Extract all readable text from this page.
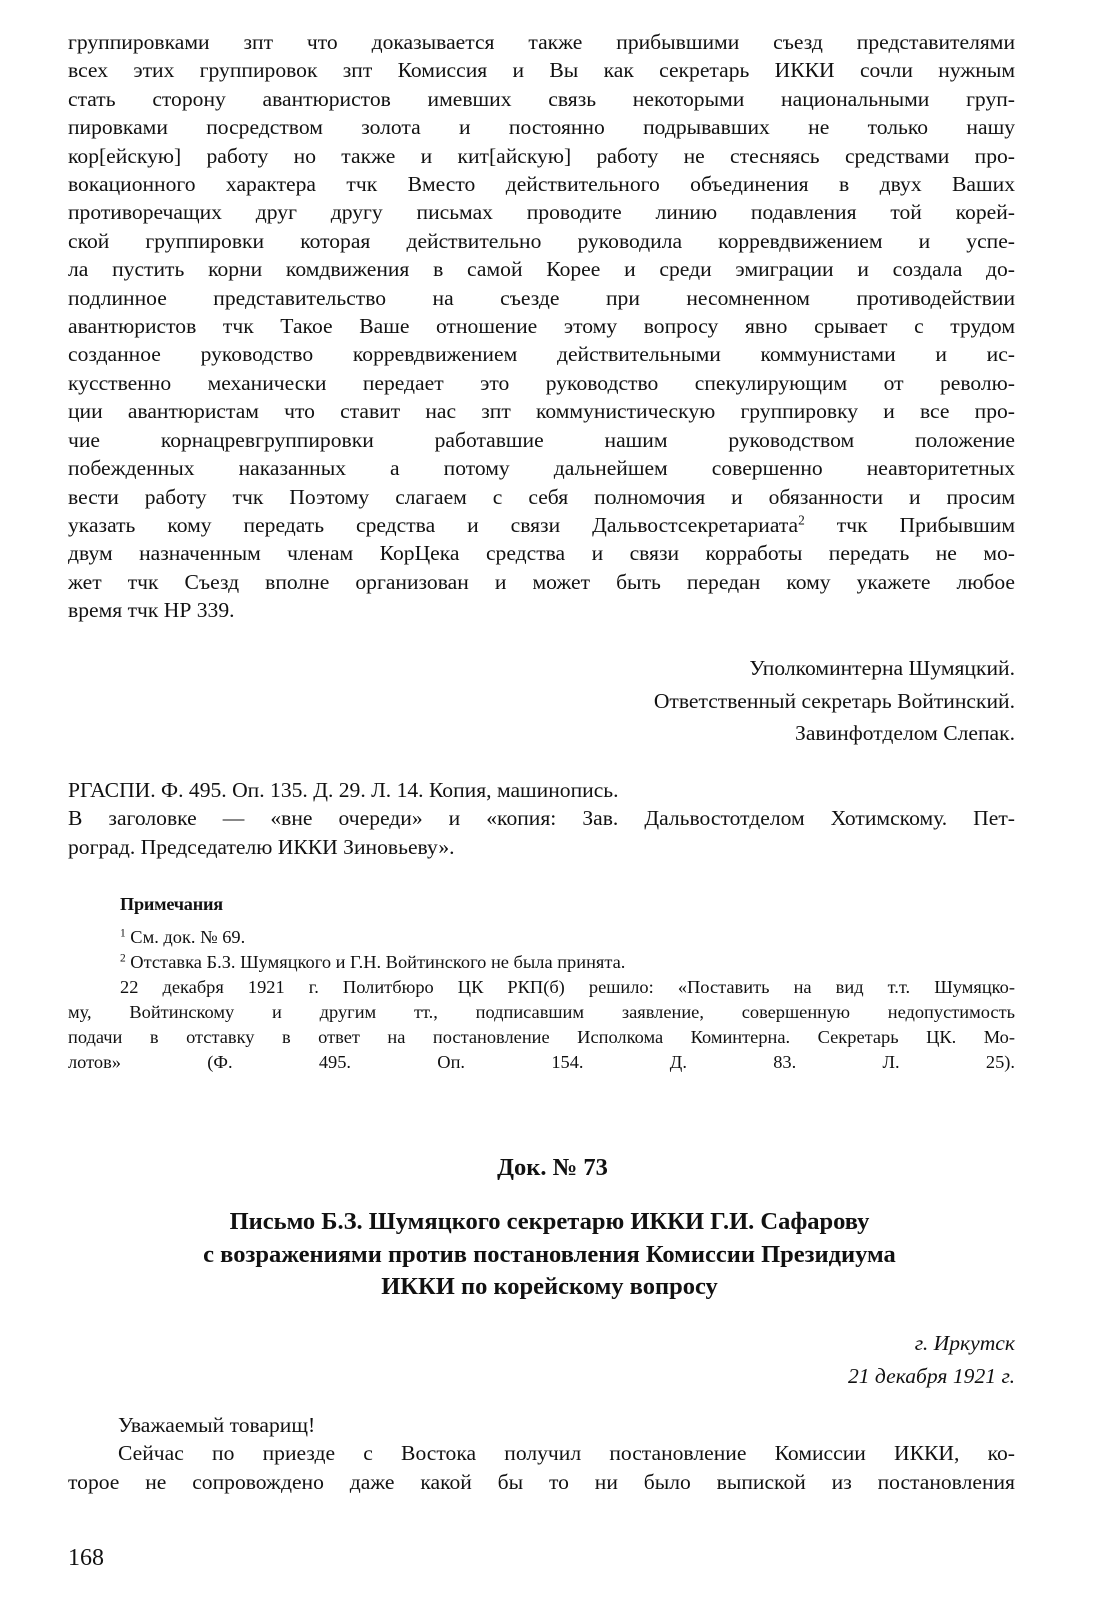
группировками зпт что доказывается также прибывшими съезд представителями

всех этих группировок зпт Комиссия и Вы как секретарь ИККИ сочли нужным

стать сторону авантюристов имевших связь некоторыми национальными груп-

пировками посредством золота и постоянно подрывавших не только нашу

кор[ейскую] работу но также и кит[айскую] работу не стесняясь средствами про-

вокационного характера тчк Вместо действительного объединения в двух Ваших

противоречащих друг другу письмах проводите линию подавления той корей-

ской группировки которая действительно руководила корревдвижением и успе-

ла пустить корни комдвижения в самой Корее и среди эмиграции и создала до-

подлинное представительство на съезде при несомненном противодействии

авантюристов тчк Такое Ваше отношение этому вопросу явно срывает с трудом

созданное руководство корревдвижением действительными коммунистами и ис-

кусственно механически передает это руководство спекулирующим от револю-

ции авантюристам что ставит нас зпт коммунистическую группировку и все про-

чие корнацревгруппировки работавшие нашим руководством положение

побежденных наказанных а потому дальнейшем совершенно неавторитетных

вести работу тчк Поэтому слагаем с себя полномочия и обязанности и просим

указать кому передать средства и связи Дальвостсекретариата$^2$ тчк Прибывшим

двум назначенным членам КорЦека средства и связи корработы передать не мо-

жет тчк Съезд вполне организован и может быть передан кому укажете любое

время тчк НР 339.

Уполкоминтерна Шумяцкий.
Ответственный секретарь Войтинский.
Завинфотделом Слепак.

РГАСПИ. Ф. 495. Оп. 135. Д. 29. Л. 14. Копия, машинопись.

В заголовке — «вне очереди» и «копия: Зав. Дальвостотделом Хотимскому. Пет-

роград. Председателю ИККИ Зиновьеву».

Примечания

$^1$ См. док. № 69.

$^2$ Отставка Б.З. Шумяцкого и Г.Н. Войтинского не была принята.

22 декабря 1921 г. Политбюро ЦК РКП(б) решило: «Поставить на вид т.т. Шумяцко-

му, Войтинскому и другим тт., подписавшим заявление, совершенную недопустимость

подачи в отставку в ответ на постановление Исполкома Коминтерна. Секретарь ЦК. Мо-

лотов» (Ф. 495. Оп. 154. Д. 83. Л. 25).

Док. № 73
Письмо Б.З. Шумяцкого секретарю ИККИ Г.И. Сафарову
с возражениями против постановления Комиссии Президиума
ИККИ по корейскому вопросу
г. Иркутск
21 декабря 1921 г.

Уважаемый товарищ!

Сейчас по приезде с Востока получил постановление Комиссии ИККИ, ко-

торое не сопровождено даже какой бы то ни было выпиской из постановления

168
